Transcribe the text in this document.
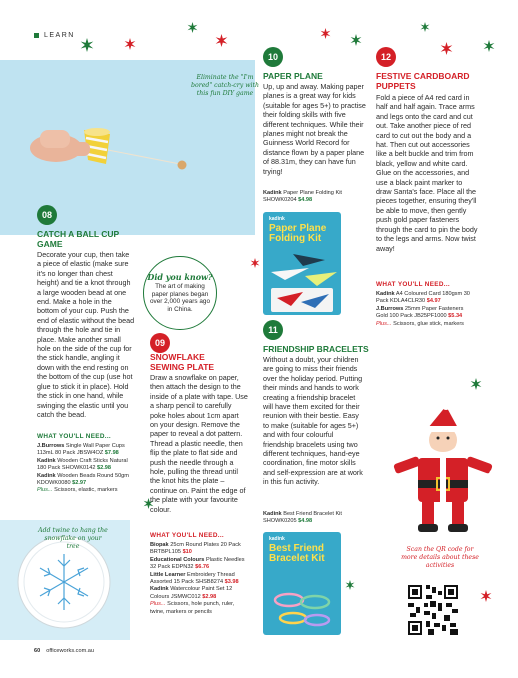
LEARN
Eliminate the "I'm bored" catch-cry with this fun DIY game
08
CATCH A BALL CUP GAME
Decorate your cup, then take a piece of elastic (make sure it's no longer than chest height) and tie a knot through a large wooden bead at one end. Make a hole in the bottom of your cup. Push the end of elastic without the bead through the hole and tie in place. Make another small hole on the side of the cup for the stick handle, angling it down with the end resting on the bottom of the cup (use hot glue to stick it in place). Hold the stick in one hand, while swinging the elastic until you catch the bead.
WHAT YOU'LL NEED...
J.Burrows Single Wall Paper Cups 113mL 80 Pack JBSW4OZ $7.98
Kadink Wooden Craft Sticks Natural 180 Pack SHOWK0142 $2.98
Kadink Wooden Beads Round 50gm KDOWK0080 $2.97
Plus... Scissors, elastic, markers
Add twine to hang the snowflake on your tree
Did you know?
The art of making paper planes began over 2,000 years ago in China.
09
SNOWFLAKE SEWING PLATE
Draw a snowflake on paper, then attach the design to the inside of a plate with tape. Use a sharp pencil to carefully poke holes about 1cm apart on your design. Remove the paper to reveal a dot pattern. Thread a plastic needle, then flip the plate to flat side and push the needle through a hole, pulling the thread until the knot hits the plate – continue on. Paint the edge of the plate with your favourite colour.
WHAT YOU'LL NEED...
Biopak 25cm Round Plates 20 Pack BRTBPL105 $10
Educational Colours Plastic Needles 32 Pack EDPN32 $6.76
Little Learner Embroidery Thread Assorted 15 Pack SHSB8274 $3.98
Kadink Watercolour Paint Set 12 Colours JSMWC012 $2.98
Plus... Scissors, hole punch, ruler, twine, markers or pencils
10
PAPER PLANE
Up, up and away. Making paper planes is a great way for kids (suitable for ages 5+) to practise their folding skills with five different techniques. While their planes might not break the Guinness World Record for distance flown by a paper plane of 88.31m, they can have fun trying!
Kadink Paper Plane Folding Kit
SHOWK0204 $4.98
kadink
Paper Plane
Folding Kit
11
FRIENDSHIP BRACELETS
Without a doubt, your children are going to miss their friends over the holiday period. Putting their minds and hands to work creating a friendship bracelet will have them excited for their reunion with their bestie. Easy to make (suitable for ages 5+) and with four colourful friendship bracelets using two different techniques, hand-eye coordination, fine motor skills and self-expression are at work in this fun activity.
Kadink Best Friend Bracelet Kit
SHOWK0205 $4.98
kadink
Best Friend
Bracelet Kit
12
FESTIVE CARDBOARD PUPPETS
Fold a piece of A4 red card in half and half again. Trace arms and legs onto the card and cut out. Take another piece of red card to cut out the body and a hat. Then cut out accessories like a belt buckle and trim from black, yellow and white card. Glue on the accessories, and use a black paint marker to draw Santa's face. Place all the pieces together, ensuring they'll be able to move, then gently push gold paper fasteners through the card to pin the body to the legs and arms. Now twist away!
WHAT YOU'LL NEED...
Kadink A4 Coloured Card 180gsm 30 Pack KDLA4CLR30 $4.97
J.Burrows 25mm Paper Fasteners Gold 100 Pack JB25PF1000 $5.34
Plus... Scissors, glue stick, markers
Scan the QR code for more details about these activities
60 officeworks.com.au
